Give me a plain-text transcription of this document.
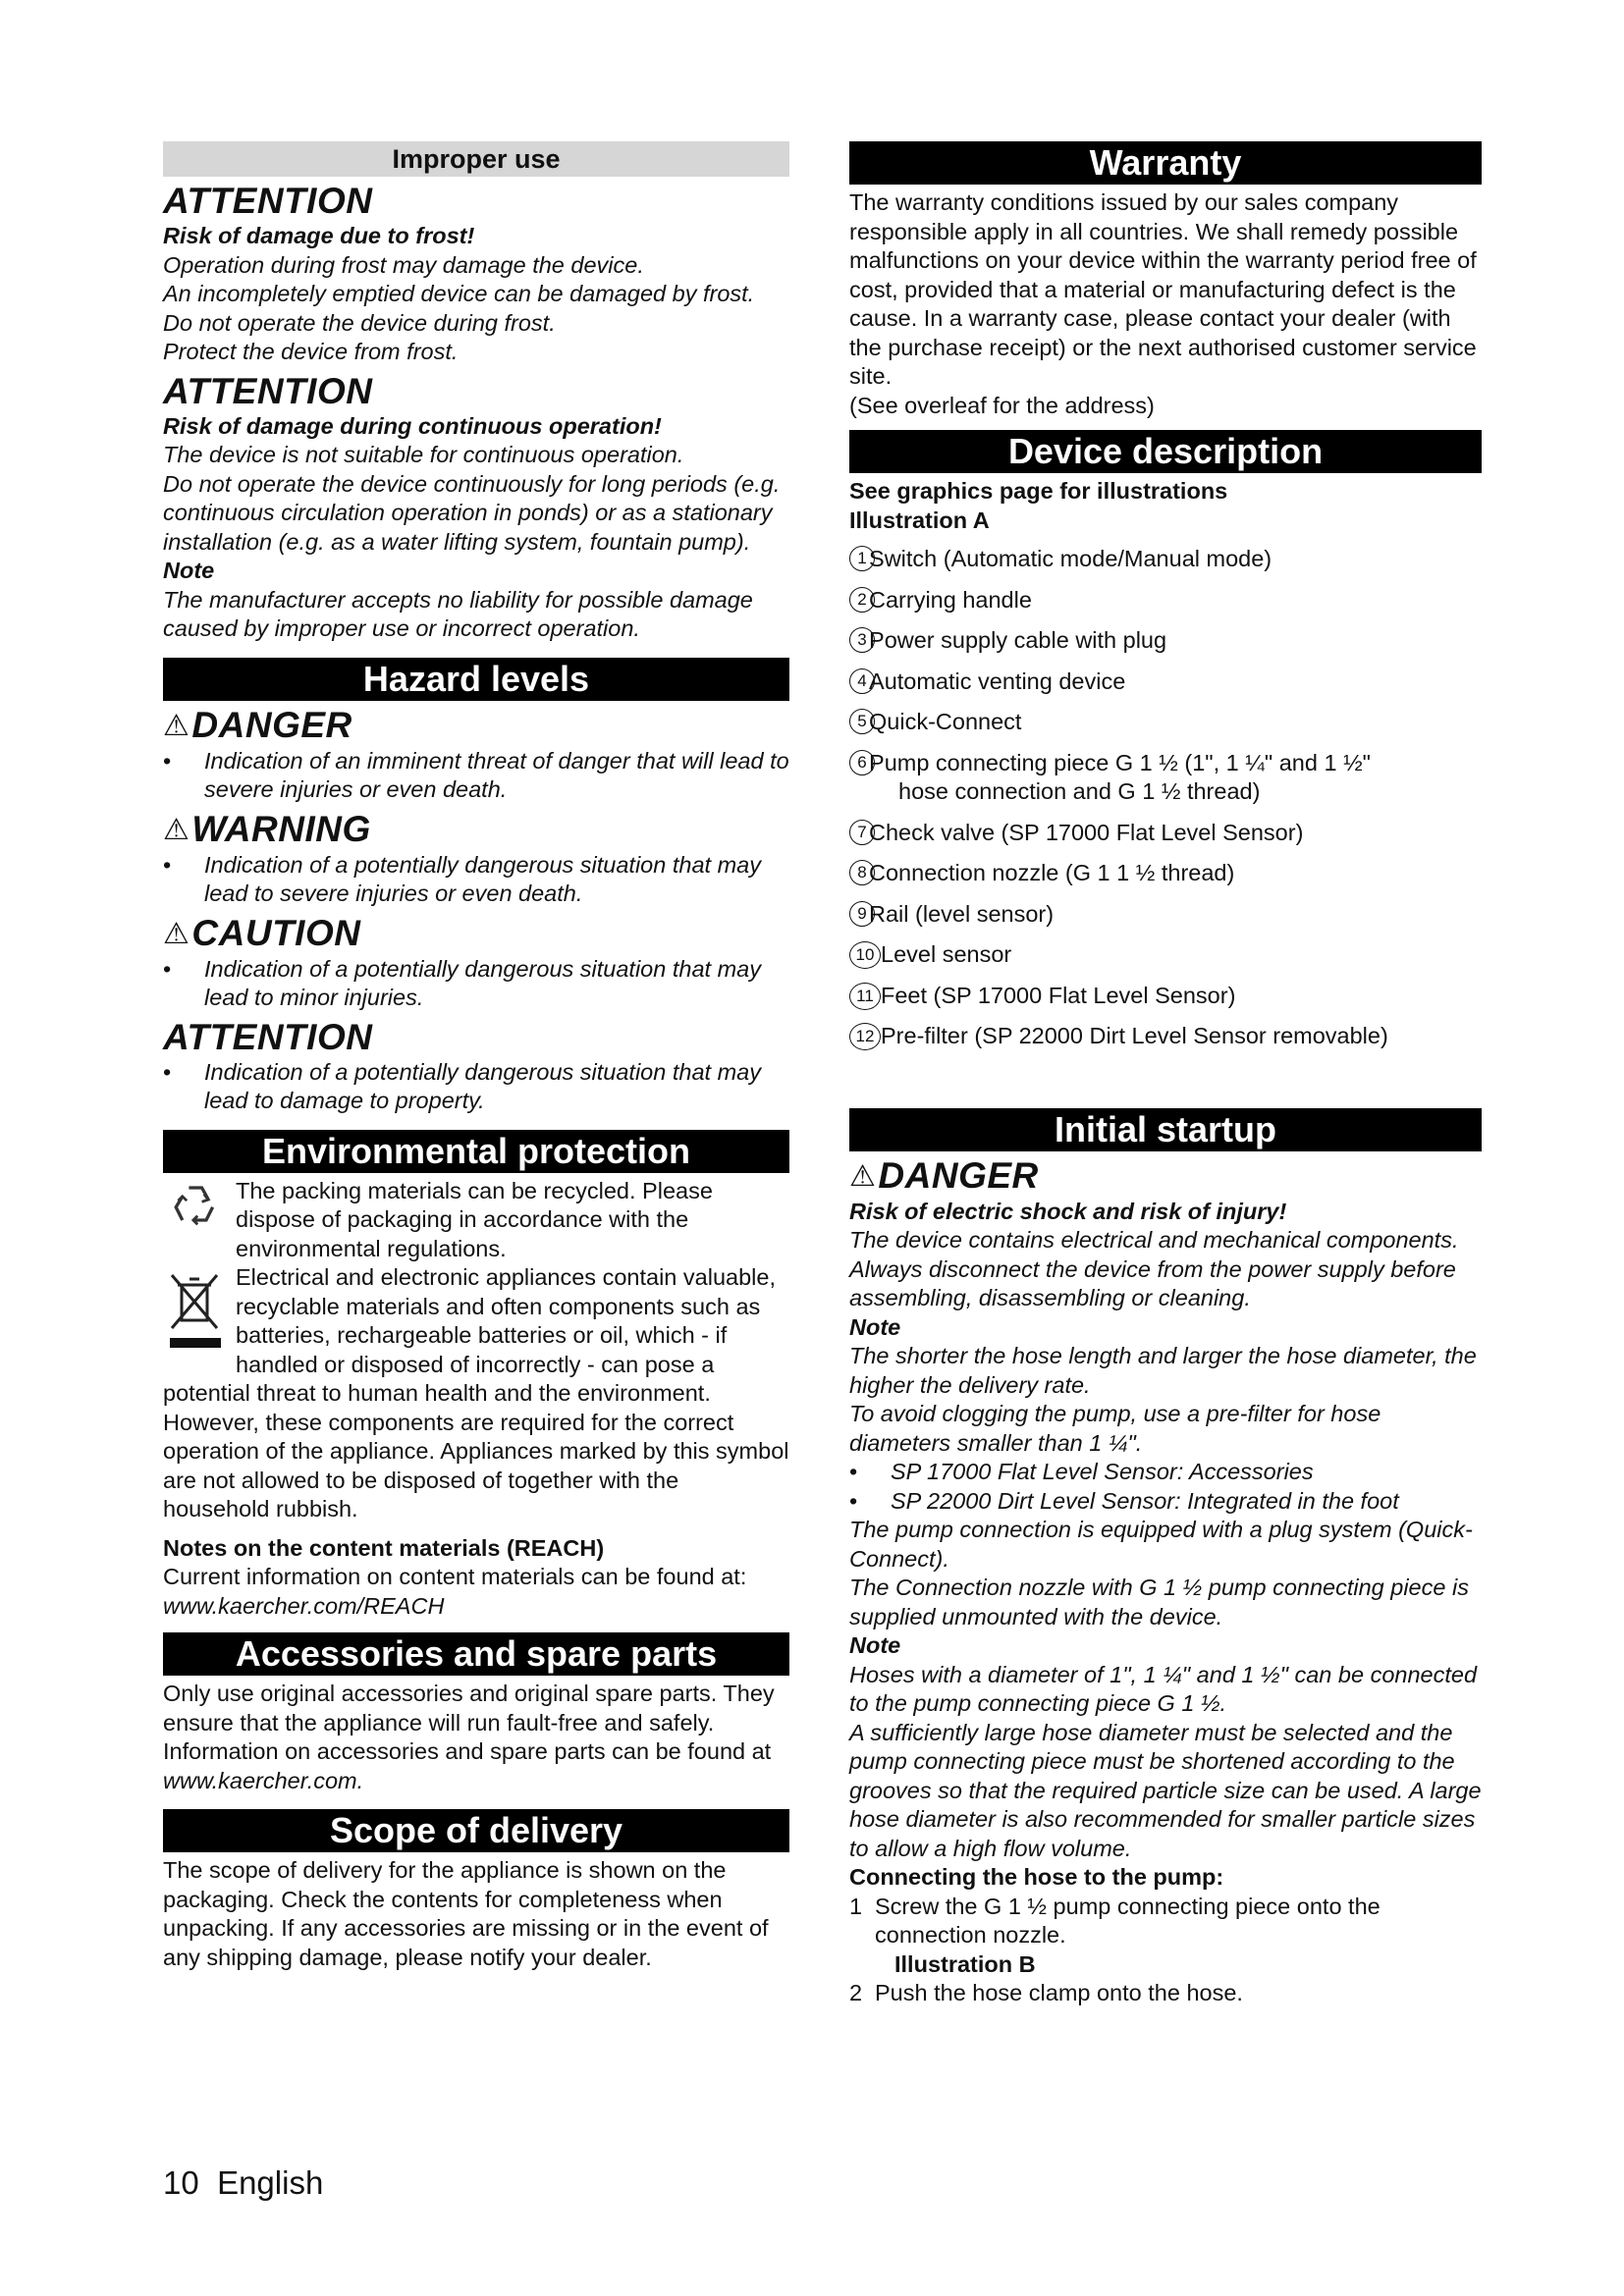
Improper use
ATTENTION

Risk of damage due to frost!

Operation during frost may damage the device.

An incompletely emptied device can be damaged by frost.

Do not operate the device during frost.

Protect the device from frost.

ATTENTION

Risk of damage during continuous operation!

The device is not suitable for continuous operation.

Do not operate the device continuously for long periods (e.g. continuous circulation operation in ponds) or as a stationary installation (e.g. as a water lifting system, fountain pump).

Note

The manufacturer accepts no liability for possible damage caused by improper use or incorrect operation.

Hazard levels
⚠DANGER
• Indication of an imminent threat of danger that will lead to severe injuries or even death.
⚠WARNING
• Indication of a potentially dangerous situation that may lead to severe injuries or even death.
⚠CAUTION
• Indication of a potentially dangerous situation that may lead to minor injuries.
ATTENTION
• Indication of a potentially dangerous situation that may lead to damage to property.
Environmental protection

The packing materials can be recycled. Please dispose of packaging in accordance with the environmental regulations.

Electrical and electronic appliances contain valuable, recyclable materials and often components such as batteries, rechargeable batteries or oil, which - if handled or disposed of incorrectly - can pose a potential threat to human health and the environment. However, these components are required for the correct operation of the appliance. Appliances marked by this symbol are not allowed to be disposed of together with the household rubbish.

Notes on the content materials (REACH)

Current information on content materials can be found at: www.kaercher.com/REACH

Accessories and spare parts

Only use original accessories and original spare parts. They ensure that the appliance will run fault-free and safely.

Information on accessories and spare parts can be found at www.kaercher.com.

Scope of delivery

The scope of delivery for the appliance is shown on the packaging. Check the contents for completeness when unpacking. If any accessories are missing or in the event of any shipping damage, please notify your dealer.

Warranty

The warranty conditions issued by our sales company responsible apply in all countries. We shall remedy possible malfunctions on your device within the warranty period free of cost, provided that a material or manufacturing defect is the cause. In a warranty case, please contact your dealer (with the purchase receipt) or the next authorised customer service site.

(See overleaf for the address)

Device description

See graphics page for illustrations

Illustration A

1 Switch (Automatic mode/Manual mode)
2 Carrying handle
3 Power supply cable with plug
4 Automatic venting device
5 Quick-Connect
6 Pump connecting piece G 1 ½ (1", 1 ¼" and 1 ½"
hose connection and G 1 ½ thread)
7 Check valve (SP 17000 Flat Level Sensor)
8 Connection nozzle (G 1 1 ½ thread)
9 Rail (level sensor)
10 Level sensor
11 Feet (SP 17000 Flat Level Sensor)
12 Pre-filter (SP 22000 Dirt Level Sensor removable)
Initial startup
⚠DANGER

Risk of electric shock and risk of injury!

The device contains electrical and mechanical components.

Always disconnect the device from the power supply before assembling, disassembling or cleaning.

Note

The shorter the hose length and larger the hose diameter, the higher the delivery rate.

To avoid clogging the pump, use a pre-filter for hose diameters smaller than 1 ¼".

• SP 17000 Flat Level Sensor: Accessories
• SP 22000 Dirt Level Sensor: Integrated in the foot

The pump connection is equipped with a plug system (Quick-Connect).

The Connection nozzle with G 1 ½ pump connecting piece is supplied unmounted with the device.

Note

Hoses with a diameter of 1", 1 ¼" and 1 ½" can be connected to the pump connecting piece G 1 ½.

A sufficiently large hose diameter must be selected and the pump connecting piece must be shortened according to the grooves so that the required particle size can be used. A large hose diameter is also recommended for smaller particle sizes to allow a high flow volume.

Connecting the hose to the pump:

1 Screw the G 1 ½ pump connecting piece onto the connection nozzle.
Illustration B
2 Push the hose clamp onto the hose.
10 English
